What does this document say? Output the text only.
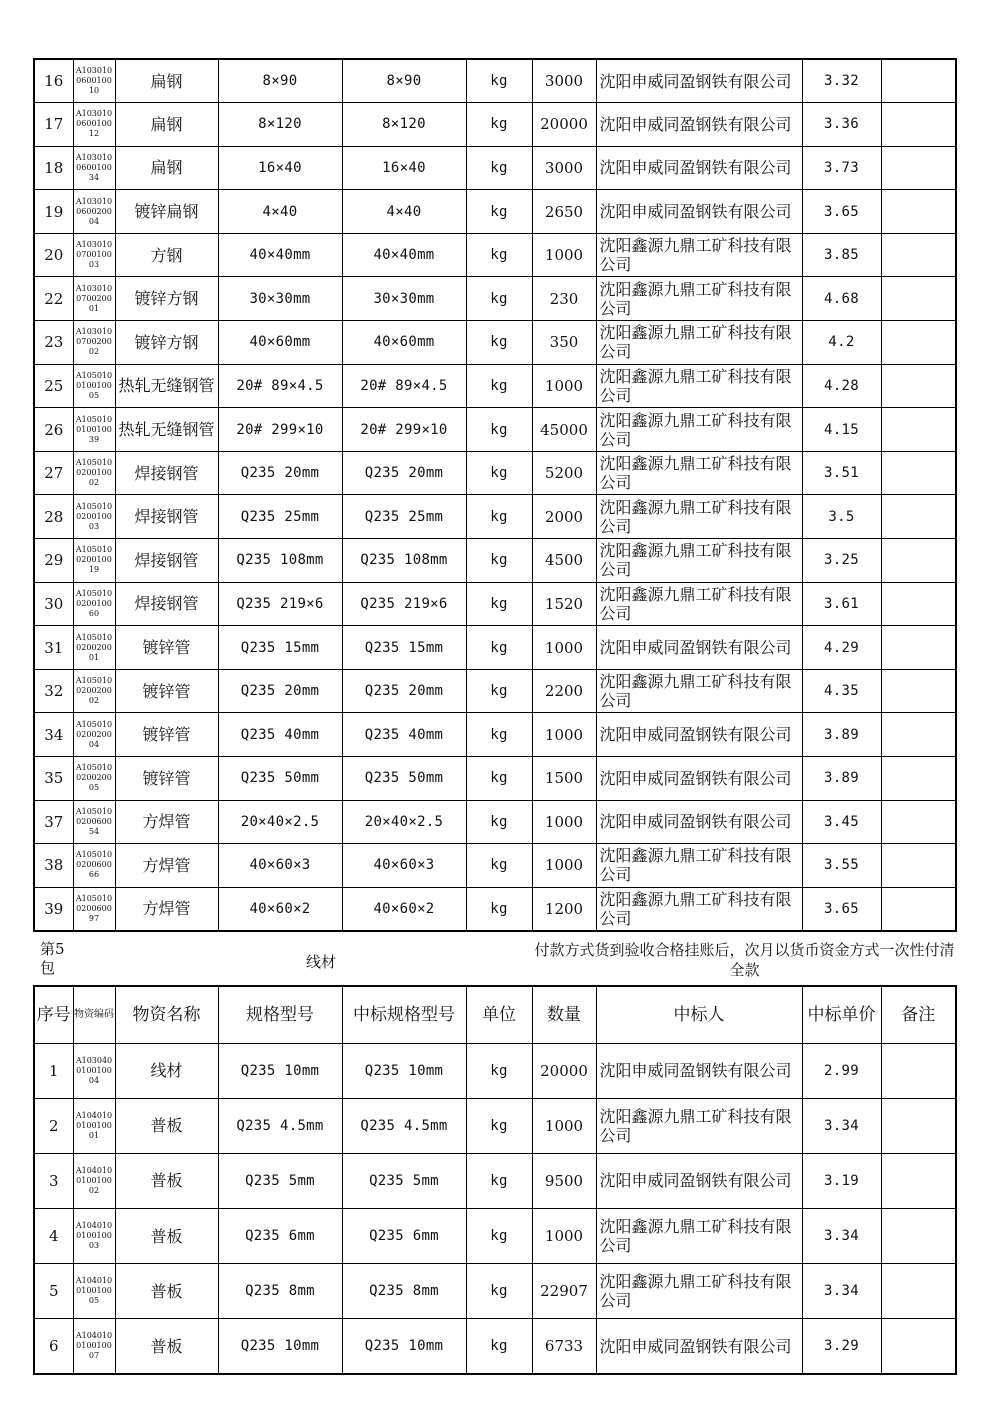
16	A103010060010010	扁钢	8×90	8×90	kg	3000	沈阳申威同盈钢铁有限公司	3.32	
17	A103010060010012	扁钢	8×120	8×120	kg	20000	沈阳申威同盈钢铁有限公司	3.36	
18	A103010060010034	扁钢	16×40	16×40	kg	3000	沈阳申威同盈钢铁有限公司	3.73	
19	A103010060020004	镀锌扁钢	4×40	4×40	kg	2650	沈阳申威同盈钢铁有限公司	3.65	
20	A103010070010003	方钢	40×40mm	40×40mm	kg	1000	沈阳鑫源九鼎工矿科技有限公司	3.85	
22	A103010070020001	镀锌方钢	30×30mm	30×30mm	kg	230	沈阳鑫源九鼎工矿科技有限公司	4.68	
23	A103010070020002	镀锌方钢	40×60mm	40×60mm	kg	350	沈阳鑫源九鼎工矿科技有限公司	4.2	
25	A105010010010005	热轧无缝钢管	20# 89×4.5	20# 89×4.5	kg	1000	沈阳鑫源九鼎工矿科技有限公司	4.28	
26	A105010010010039	热轧无缝钢管	20# 299×10	20# 299×10	kg	45000	沈阳鑫源九鼎工矿科技有限公司	4.15	
27	A105010020010002	焊接钢管	Q235 20mm	Q235 20mm	kg	5200	沈阳鑫源九鼎工矿科技有限公司	3.51	
28	A105010020010003	焊接钢管	Q235 25mm	Q235 25mm	kg	2000	沈阳鑫源九鼎工矿科技有限公司	3.5	
29	A105010020010019	焊接钢管	Q235 108mm	Q235 108mm	kg	4500	沈阳鑫源九鼎工矿科技有限公司	3.25	
30	A105010020010060	焊接钢管	Q235 219×6	Q235 219×6	kg	1520	沈阳鑫源九鼎工矿科技有限公司	3.61	
31	A105010020020001	镀锌管	Q235 15mm	Q235 15mm	kg	1000	沈阳申威同盈钢铁有限公司	4.29	
32	A105010020020002	镀锌管	Q235 20mm	Q235 20mm	kg	2200	沈阳鑫源九鼎工矿科技有限公司	4.35	
34	A105010020020004	镀锌管	Q235 40mm	Q235 40mm	kg	1000	沈阳申威同盈钢铁有限公司	3.89	
35	A105010020020005	镀锌管	Q235 50mm	Q235 50mm	kg	1500	沈阳申威同盈钢铁有限公司	3.89	
37	A105010020060054	方焊管	20×40×2.5	20×40×2.5	kg	1000	沈阳申威同盈钢铁有限公司	3.45	
38	A105010020060066	方焊管	40×60×3	40×60×3	kg	1000	沈阳鑫源九鼎工矿科技有限公司	3.55	
39	A105010020060097	方焊管	40×60×2	40×60×2	kg	1200	沈阳鑫源九鼎工矿科技有限公司	3.65	
第5包	线材
付款方式货到验收合格挂账后，次月以货币资金方式一次性付清全款
序号	物资编码	物资名称	规格型号	中标规格型号	单位	数量	中标人	中标单价	备注
1	A103040010010004	线材	Q235 10mm	Q235 10mm	kg	20000	沈阳申威同盈钢铁有限公司	2.99	
2	A104010010010001	普板	Q235 4.5mm	Q235 4.5mm	kg	1000	沈阳鑫源九鼎工矿科技有限公司	3.34	
3	A104010010010002	普板	Q235 5mm	Q235 5mm	kg	9500	沈阳申威同盈钢铁有限公司	3.19	
4	A104010010010003	普板	Q235 6mm	Q235 6mm	kg	1000	沈阳鑫源九鼎工矿科技有限公司	3.34	
5	A104010010010005	普板	Q235 8mm	Q235 8mm	kg	22907	沈阳鑫源九鼎工矿科技有限公司	3.34	
6	A104010010010007	普板	Q235 10mm	Q235 10mm	kg	6733	沈阳申威同盈钢铁有限公司	3.29	
